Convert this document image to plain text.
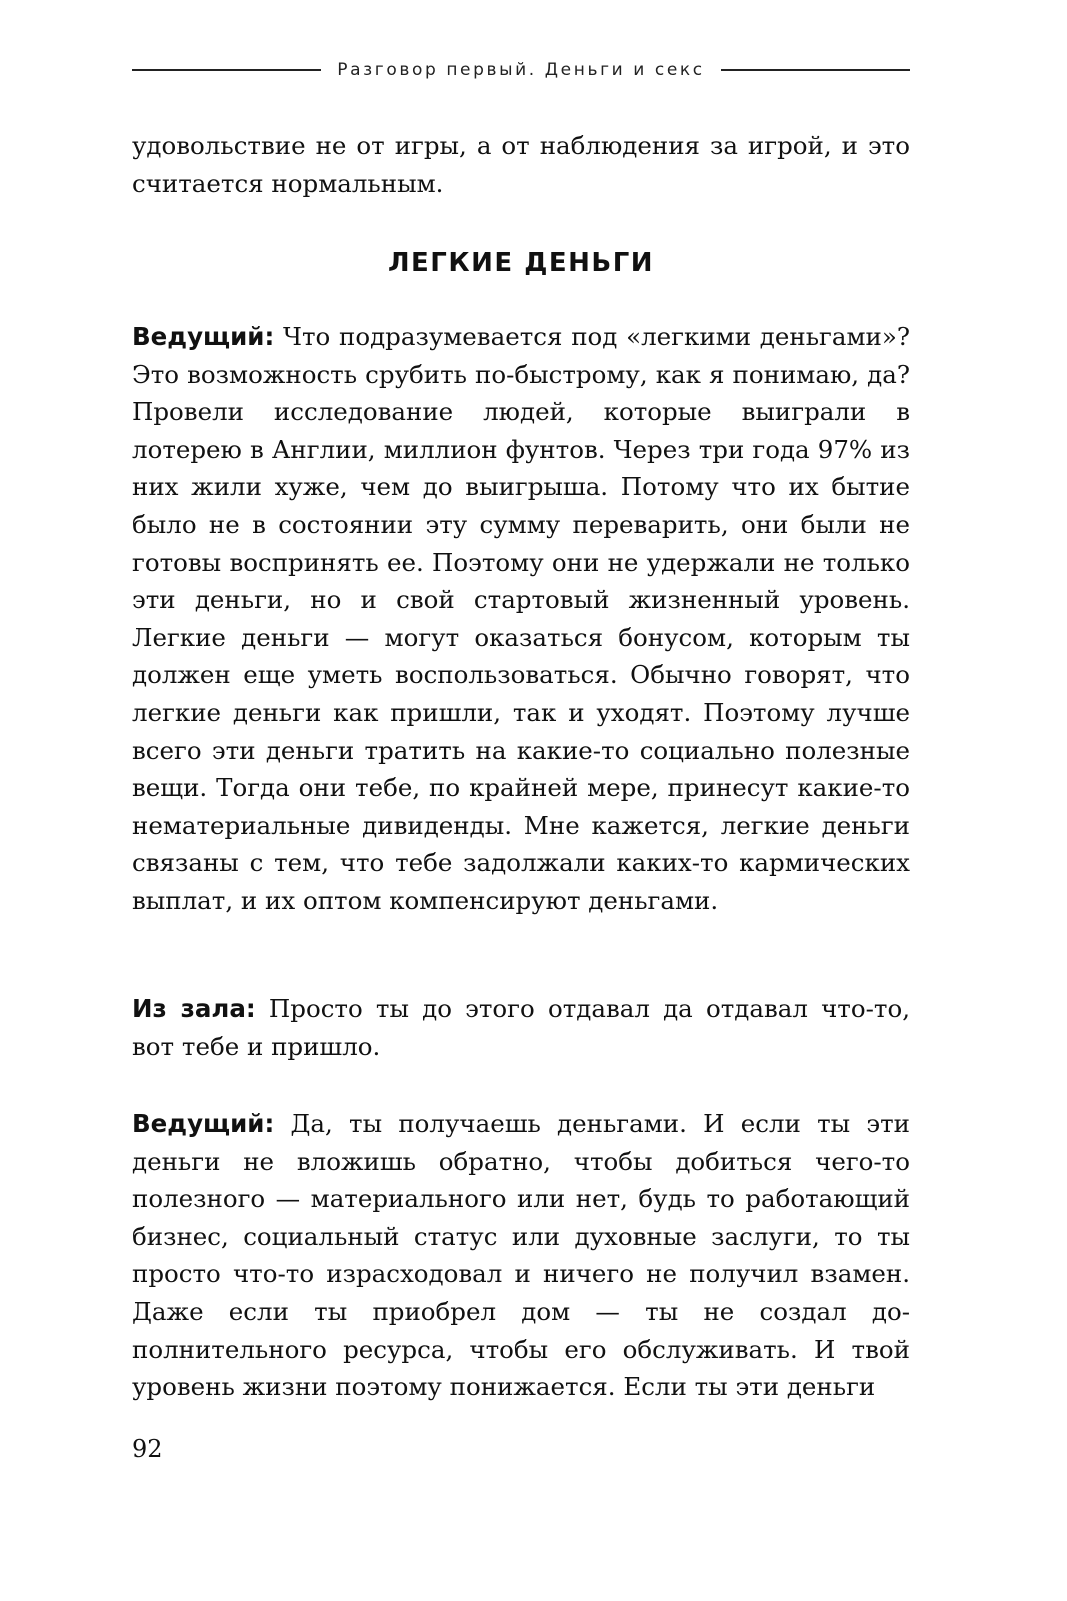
Разговор первый. Деньги и секс

удовольствие не от игры, а от наблюдения за игрой, и это считается нормальным.

ЛЕГКИЕ ДЕНЬГИ

Ведущий: Что подразумевается под «легкими деньгами»? Это возможность срубить по-быстрому, как я понимаю, да? Провели исследование людей, которые выиграли в лотерею в Англии, миллион фунтов. Через три года 97% из них жили хуже, чем до выигрыша. Потому что их бытие было не в состоянии эту сумму переварить, они были не готовы воспринять ее. Поэтому они не удержали не только эти деньги, но и свой стартовый жизненный уровень. Легкие деньги — могут оказаться бонусом, которым ты должен еще уметь воспользоваться. Обычно говорят, что легкие деньги как пришли, так и уходят. Поэтому лучше всего эти деньги тратить на какие-то социально полезные вещи. Тогда они тебе, по крайней мере, принесут какие-то нематериальные дивиденды. Мне кажется, легкие деньги связаны с тем, что тебе задолжали каких-то кармических выплат, и их оптом компенсируют деньгами.

Из зала: Просто ты до этого отдавал да отдавал что-то, вот тебе и пришло.

Ведущий: Да, ты получаешь деньгами. И если ты эти деньги не вложишь обратно, чтобы добиться чего-то полезного — материального или нет, будь то работающий бизнес, социальный статус или духовные заслуги, то ты просто что-то израсходовал и ничего не получил взамен. Даже если ты приобрел дом — ты не создал дополнительного ресурса, чтобы его обслуживать. И твой уровень жизни поэтому понижается. Если ты эти деньги

92
